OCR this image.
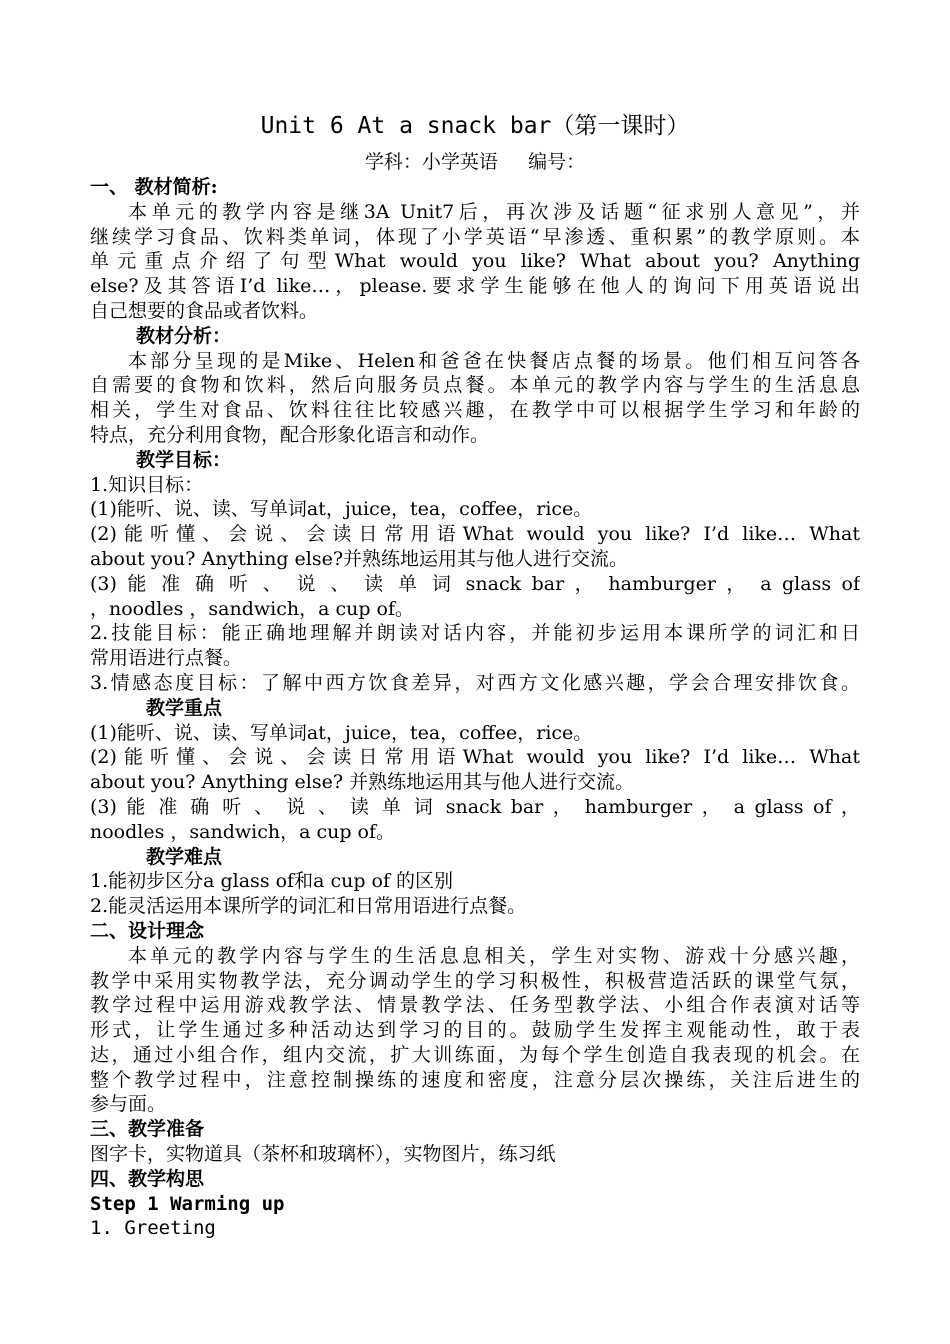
Unit 6 At a snack bar（第一课时）
学科：小学英语     编号：
一、 教材简析:
本单元的教学内容是继3A Unit7后，再次涉及话题“征求别人意见”，并
继续学习食品、饮料类单词，体现了小学英语“早渗透、重积累”的教学原则。本
单元重点介绍了句型What would you like? What about you? Anything
else?及其答语I’d like…，please.要求学生能够在他人的询问下用英语说出
自己想要的食品或者饮料。
教材分析：
本部分呈现的是Mike、Helen和爸爸在快餐店点餐的场景。他们相互问答各
自需要的食物和饮料，然后向服务员点餐。本单元的教学内容与学生的生活息息
相关，学生对食品、饮料往往比较感兴趣，在教学中可以根据学生学习和年龄的
特点，充分利用食物，配合形象化语言和动作。
教学目标：
1.知识目标：
(1)能听、说、读、写单词at，juice，tea，coffee，rice。
(2)能听懂、会说、会读日常用语What would you like? I’d like… What
about you? Anything else?并熟练地运用其与他人进行交流。
(3) 能 准 确 听 、 说 、 读 单 词 snack bar ， hamburger ， a glass of
，noodles ，sandwich，a cup of。
2.技能目标：能正确地理解并朗读对话内容，并能初步运用本课所学的词汇和日
常用语进行点餐。
3.情感态度目标：了解中西方饮食差异，对西方文化感兴趣，学会合理安排饮食。
教学重点
(1)能听、说、读、写单词at，juice，tea，coffee，rice。
(2)能听懂、会说、会读日常用语What would you like? I’d like… What
about you? Anything else? 并熟练地运用其与他人进行交流。
(3) 能 准 确 听 、 说 、 读 单 词 snack bar ， hamburger ， a glass of ，
noodles ，sandwich，a cup of。
教学难点
1.能初步区分a glass of和a cup of 的区别
2.能灵活运用本课所学的词汇和日常用语进行点餐。
二、设计理念
本单元的教学内容与学生的生活息息相关，学生对实物、游戏十分感兴趣，
教学中采用实物教学法，充分调动学生的学习积极性，积极营造活跃的课堂气氛，
教学过程中运用游戏教学法、情景教学法、任务型教学法、小组合作表演对话等
形式，让学生通过多种活动达到学习的目的。鼓励学生发挥主观能动性，敢于表
达，通过小组合作，组内交流，扩大训练面，为每个学生创造自我表现的机会。在
整个教学过程中，注意控制操练的速度和密度，注意分层次操练，关注后进生的
参与面。
三、教学准备
图字卡，实物道具（茶杯和玻璃杯），实物图片，练习纸
四、教学构思
Step 1 Warming up
1. Greeting
